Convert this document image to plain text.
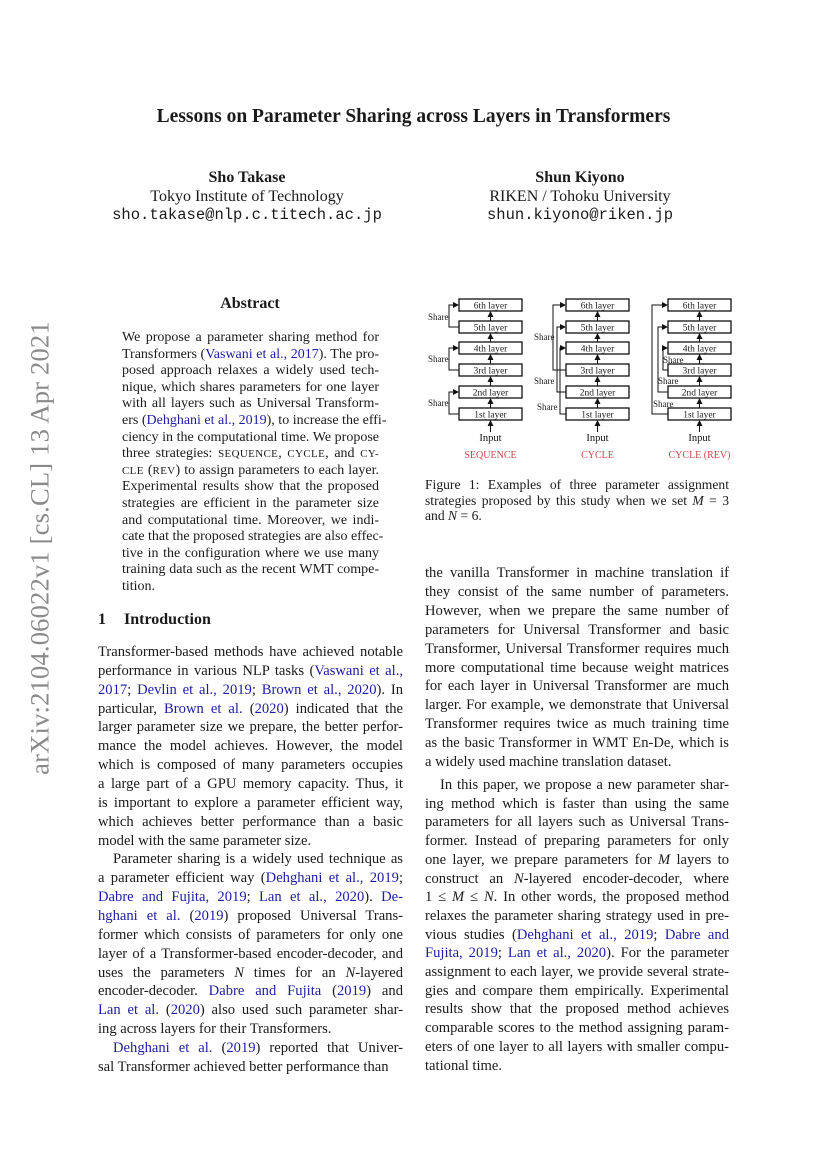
arXiv:2104.06022v1 [cs.CL] 13 Apr 2021
Lessons on Parameter Sharing across Layers in Transformers
Sho Takase
Tokyo Institute of Technology
sho.takase@nlp.c.titech.ac.jp
Shun Kiyono
RIKEN / Tohoku University
shun.kiyono@riken.jp
Abstract
We propose a parameter sharing method for
Transformers (Vaswani et al., 2017). The pro-
posed approach relaxes a widely used tech-
nique, which shares parameters for one layer
with all layers such as Universal Transform-
ers (Dehghani et al., 2019), to increase the effi-
ciency in the computational time. We propose
three strategies: SEQUENCE, CYCLE, and CY-
CLE (REV) to assign parameters to each layer.
Experimental results show that the proposed
strategies are efficient in the parameter size
and computational time. Moreover, we indi-
cate that the proposed strategies are also effec-
tive in the configuration where we use many
training data such as the recent WMT compe-
tition.
1 Introduction
Transformer-based methods have achieved notable
performance in various NLP tasks (Vaswani et al.,
2017; Devlin et al., 2019; Brown et al., 2020). In
particular, Brown et al. (2020) indicated that the
larger parameter size we prepare, the better perfor-
mance the model achieves. However, the model
which is composed of many parameters occupies
a large part of a GPU memory capacity. Thus, it
is important to explore a parameter efficient way,
which achieves better performance than a basic
model with the same parameter size.
Parameter sharing is a widely used technique as
a parameter efficient way (Dehghani et al., 2019;
Dabre and Fujita, 2019; Lan et al., 2020). De-
hghani et al. (2019) proposed Universal Trans-
former which consists of parameters for only one
layer of a Transformer-based encoder-decoder, and
uses the parameters N times for an N-layered
encoder-decoder. Dabre and Fujita (2019) and
Lan et al. (2020) also used such parameter shar-
ing across layers for their Transformers.
Dehghani et al. (2019) reported that Univer-
sal Transformer achieved better performance than
1st layer
2nd layer
3rd layer
4th layer
5th layer
6th layer
Input
SEQUENCE
Share
Share
Share
1st layer
2nd layer
3rd layer
4th layer
5th layer
6th layer
Input
CYCLE
Share
Share
Share
1st layer
2nd layer
3rd layer
4th layer
5th layer
6th layer
Input
CYCLE (REV)
Share
Share
Share
Figure 1: Examples of three parameter assignment
strategies proposed by this study when we set M = 3
and N = 6.
the vanilla Transformer in machine translation if
they consist of the same number of parameters.
However, when we prepare the same number of
parameters for Universal Transformer and basic
Transformer, Universal Transformer requires much
more computational time because weight matrices
for each layer in Universal Transformer are much
larger. For example, we demonstrate that Universal
Transformer requires twice as much training time
as the basic Transformer in WMT En-De, which is
a widely used machine translation dataset.
In this paper, we propose a new parameter shar-
ing method which is faster than using the same
parameters for all layers such as Universal Trans-
former. Instead of preparing parameters for only
one layer, we prepare parameters for M layers to
construct an N-layered encoder-decoder, where
1 ≤ M ≤ N. In other words, the proposed method
relaxes the parameter sharing strategy used in pre-
vious studies (Dehghani et al., 2019; Dabre and
Fujita, 2019; Lan et al., 2020). For the parameter
assignment to each layer, we provide several strate-
gies and compare them empirically. Experimental
results show that the proposed method achieves
comparable scores to the method assigning param-
eters of one layer to all layers with smaller compu-
tational time.
